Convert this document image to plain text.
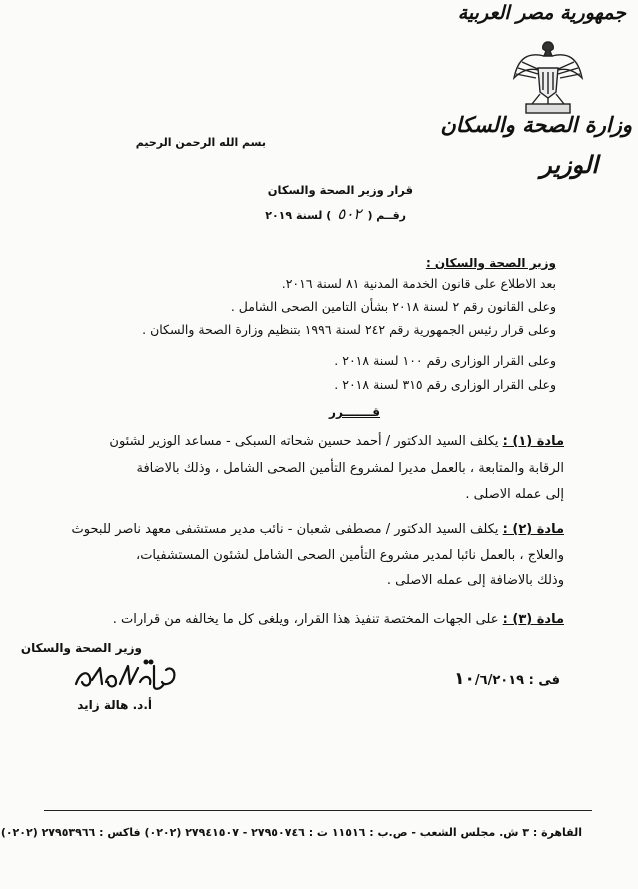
جمهورية مصر العربية
وزارة الصحة والسكان
الوزير
بسم الله الرحمن الرحيم
قرار وزير الصحة والسكان
رقــم (٥٠٢) لسنة ٢٠١٩
وزير الصحة والسكان :
بعد الاطلاع على قانون الخدمة المدنية ٨١ لسنة ٢٠١٦.
وعلى القانون رقم ٢ لسنة ٢٠١٨ بشأن التامين الصحى الشامل .
وعلى قرار رئيس الجمهورية رقم ٢٤٢ لسنة ١٩٩٦ بتنظيم وزارة الصحة والسكان .
وعلى القرار الوزارى رقم ١٠٠ لسنة ٢٠١٨ .
وعلى القرار الوزارى رقم ٣١٥ لسنة ٢٠١٨ .
قـــــــرر
مادة (١) : يكلف السيد الدكتور / أحمد حسين شحاته السبكى - مساعد الوزير لشئون
الرقابة والمتابعة ، بالعمل مديرا لمشروع التأمين الصحى الشامل ، وذلك بالاضافة
إلى عمله الاصلى .
مادة (٢) : يكلف السيد الدكتور / مصطفى شعبان - نائب مدير مستشفى معهد ناصر للبحوث
والعلاج ، بالعمل نائبا لمدير مشروع التأمين الصحى الشامل لشئون المستشفيات،
وذلك بالاضافة إلى عمله الاصلى .
مادة (٣) : على الجهات المختصة تنفيذ هذا القرار، ويلغى كل ما يخالفه من قرارات .
وزير الصحة والسكان
أ.د. هالة زايد
فى : ١٠/٦/٢٠١٩
القاهرة : ٣ ش. مجلس الشعب - ص.ب : ١١٥١٦ ت : ٢٧٩٥٠٧٤٦ - ٢٧٩٤١٥٠٧ (٠٢٠٢) فاكس : ٢٧٩٥٣٩٦٦ (٠٢٠٢)
